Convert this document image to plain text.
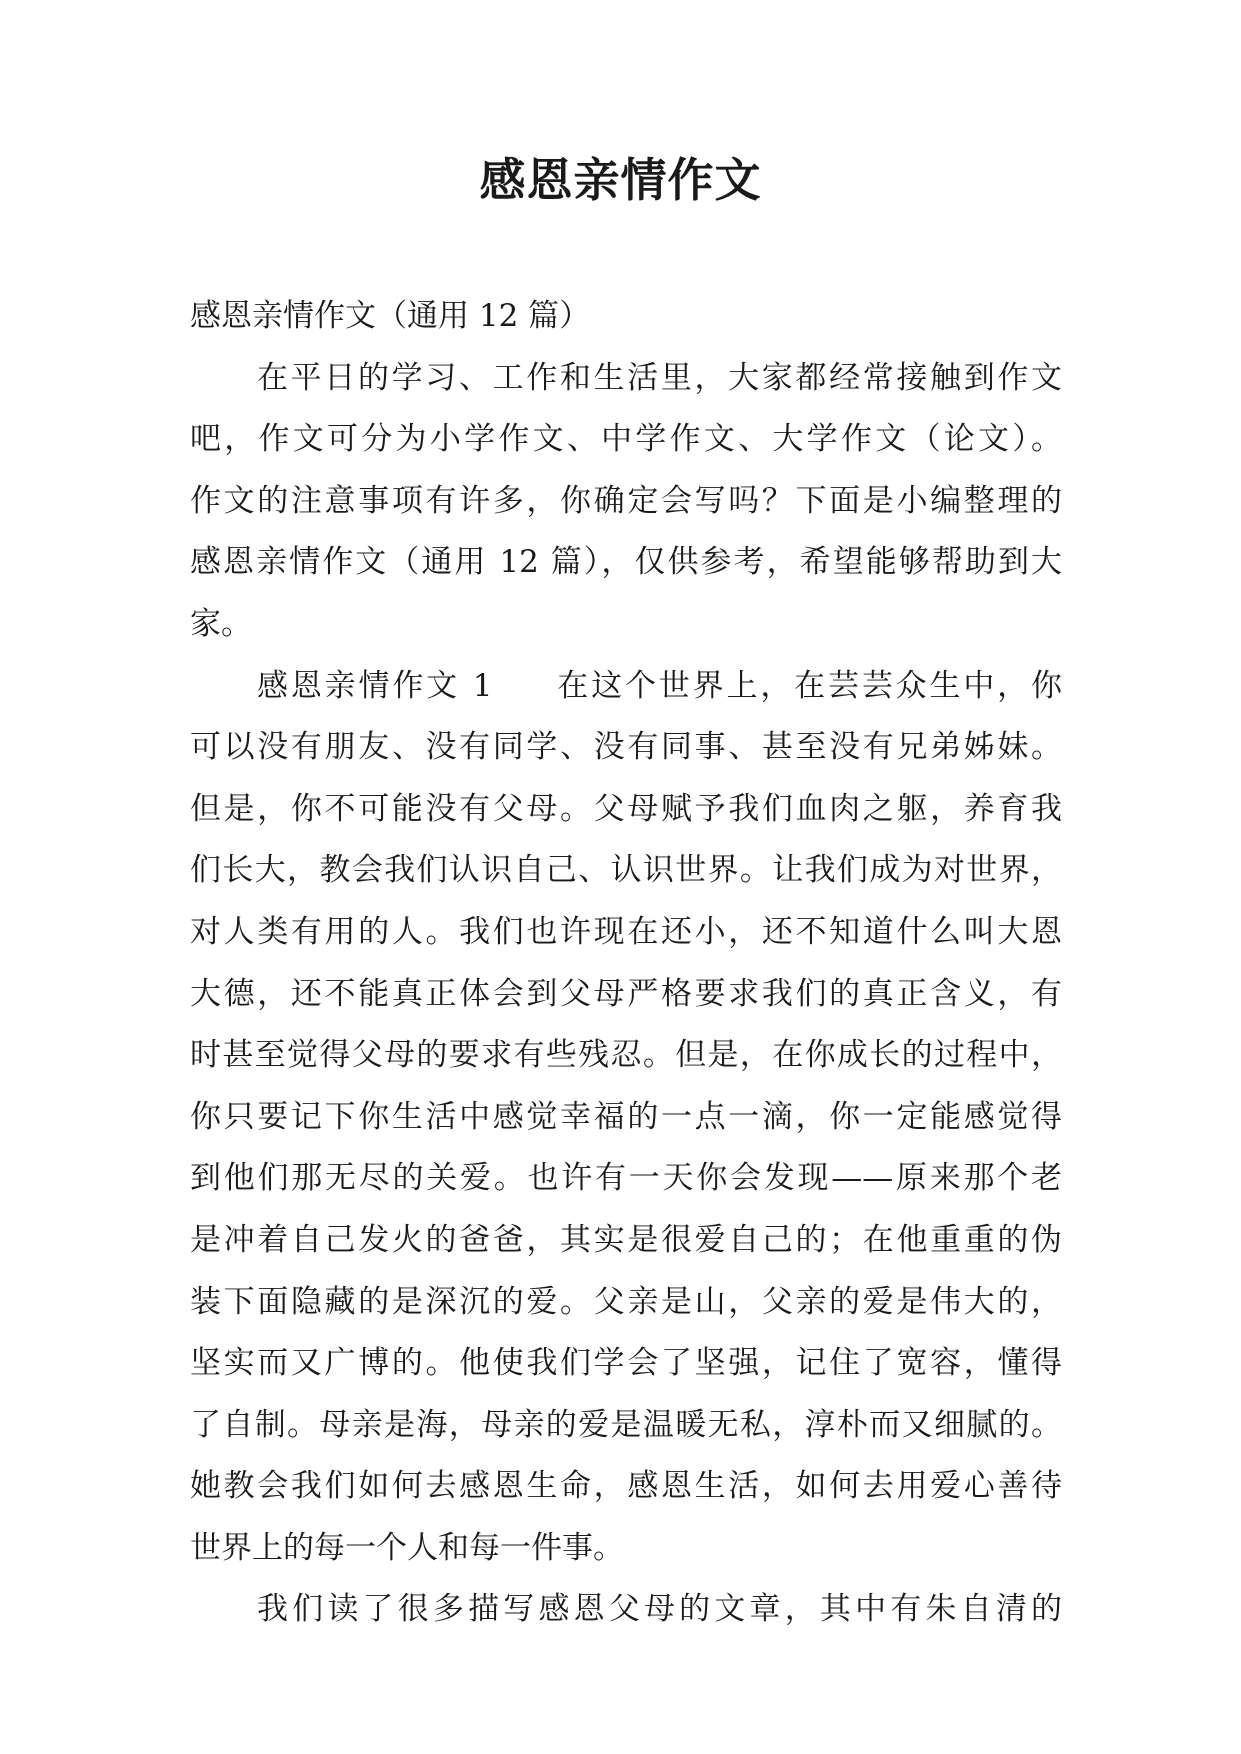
感恩亲情作文
感恩亲情作文（通用 12 篇）
在平日的学习、工作和生活里，大家都经常接触到作文
吧，作文可分为小学作文、中学作文、大学作文（论文）。
作文的注意事项有许多，你确定会写吗？下面是小编整理的
感恩亲情作文（通用 12 篇），仅供参考，希望能够帮助到大
家。
感恩亲情作文 1 在这个世界上，在芸芸众生中，你
可以没有朋友、没有同学、没有同事、甚至没有兄弟姊妹。
但是，你不可能没有父母。父母赋予我们血肉之躯，养育我
们长大，教会我们认识自己、认识世界。让我们成为对世界，
对人类有用的人。我们也许现在还小，还不知道什么叫大恩
大德，还不能真正体会到父母严格要求我们的真正含义，有
时甚至觉得父母的要求有些残忍。但是，在你成长的过程中，
你只要记下你生活中感觉幸福的一点一滴，你一定能感觉得
到他们那无尽的关爱。也许有一天你会发现——原来那个老
是冲着自己发火的爸爸，其实是很爱自己的；在他重重的伪
装下面隐藏的是深沉的爱。父亲是山，父亲的爱是伟大的，
坚实而又广博的。他使我们学会了坚强，记住了宽容，懂得
了自制。母亲是海，母亲的爱是温暖无私，淳朴而又细腻的。
她教会我们如何去感恩生命，感恩生活，如何去用爱心善待
世界上的每一个人和每一件事。
我们读了很多描写感恩父母的文章，其中有朱自清的
